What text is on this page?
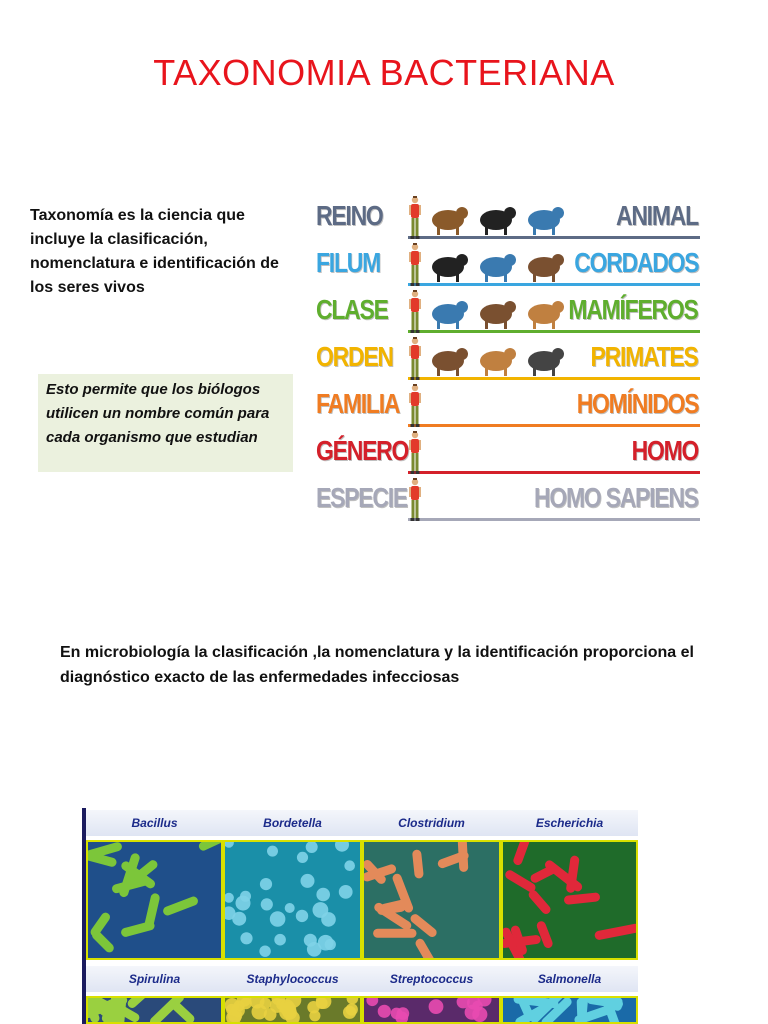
TAXONOMIA BACTERIANA
Taxonomía es la ciencia que incluye la clasificación, nomenclatura e identificación de los seres vivos
Esto permite que los biólogos utilicen un nombre común para cada organismo que estudian
REINO	ANIMAL
FILUM	CORDADOS
CLASE	MAMÍFEROS
ORDEN	PRIMATES
FAMILIA	HOMÍNIDOS
GÉNERO	HOMO
ESPECIE	HOMO SAPIENS
En microbiología la clasificación ,la nomenclatura y la identificación proporciona el diagnóstico exacto de las enfermedades infecciosas
Bacillus	Bordetella	Clostridium	Escherichia
Spirulina	Staphylococcus	Streptococcus	Salmonella
